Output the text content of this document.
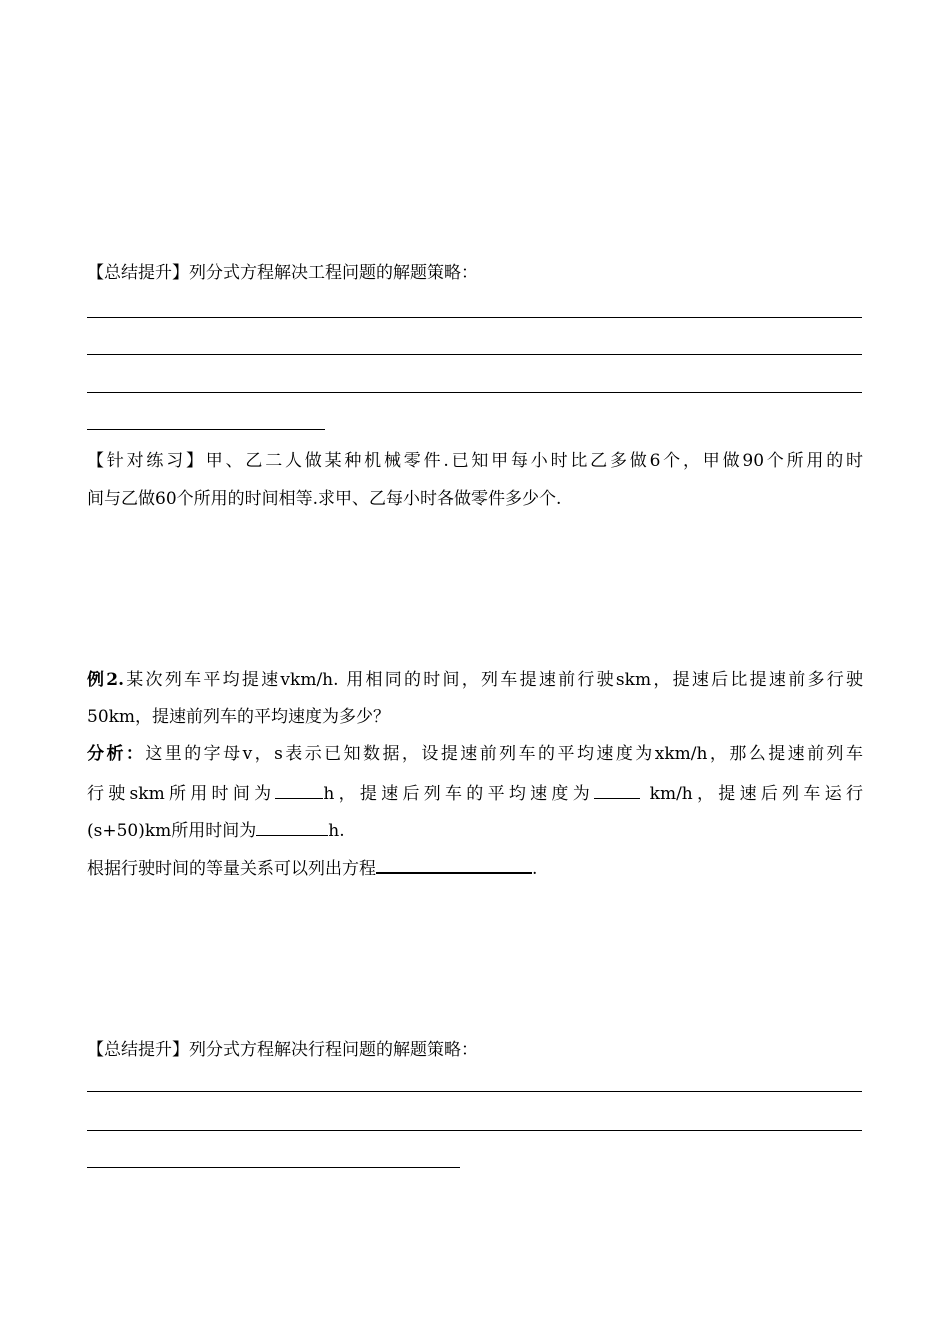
【总结提升】列分式方程解决工程问题的解题策略：
【针对练习】甲、乙二人做某种机械零件.已知甲每小时比乙多做6个，甲做90个所用的时
间与乙做60个所用的时间相等.求甲、乙每小时各做零件多少个.
例2.某次列车平均提速vkm/h. 用相同的时间，列车提速前行驶skm，提速后比提速前多行驶
50km，提速前列车的平均速度为多少？
分析：这里的字母v，s表示已知数据，设提速前列车的平均速度为xkm/h，那么提速前列车
行驶skm所用时间为	h，提速后列车的平均速度为	km/h，提速后列车运行
(s+50)km所用时间为	h.
根据行驶时间的等量关系可以列出方程	.
【总结提升】列分式方程解决行程问题的解题策略：
